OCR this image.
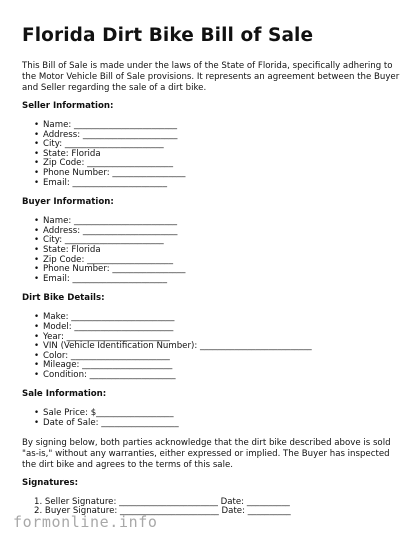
Florida Dirt Bike Bill of Sale

This Bill of Sale is made under the laws of the State of Florida, specifically adhering to the Motor Vehicle Bill of Sale provisions. It represents an agreement between the Buyer and Seller regarding the sale of a dirt bike.

Seller Information:
• Name: ________________________
• Address: ______________________
• City: _______________________
• State: Florida
• Zip Code: ____________________
• Phone Number: _________________
• Email: ______________________
Buyer Information:
• Name: ________________________
• Address: ______________________
• City: _______________________
• State: Florida
• Zip Code: ____________________
• Phone Number: _________________
• Email: ______________________
Dirt Bike Details:
• Make: ________________________
• Model: _______________________
• Year: ________________________
• VIN (Vehicle Identification Number): __________________________
• Color: _______________________
• Mileage: _____________________
• Condition: ____________________
Sale Information:
• Sale Price: $__________________
• Date of Sale: __________________

By signing below, both parties acknowledge that the dirt bike described above is sold "as-is," without any warranties, either expressed or implied. The Buyer has inspected the dirt bike and agrees to the terms of this sale.

Signatures:
1. Seller Signature: _______________________ Date: __________
2. Buyer Signature: _______________________ Date: __________
formonline.info
